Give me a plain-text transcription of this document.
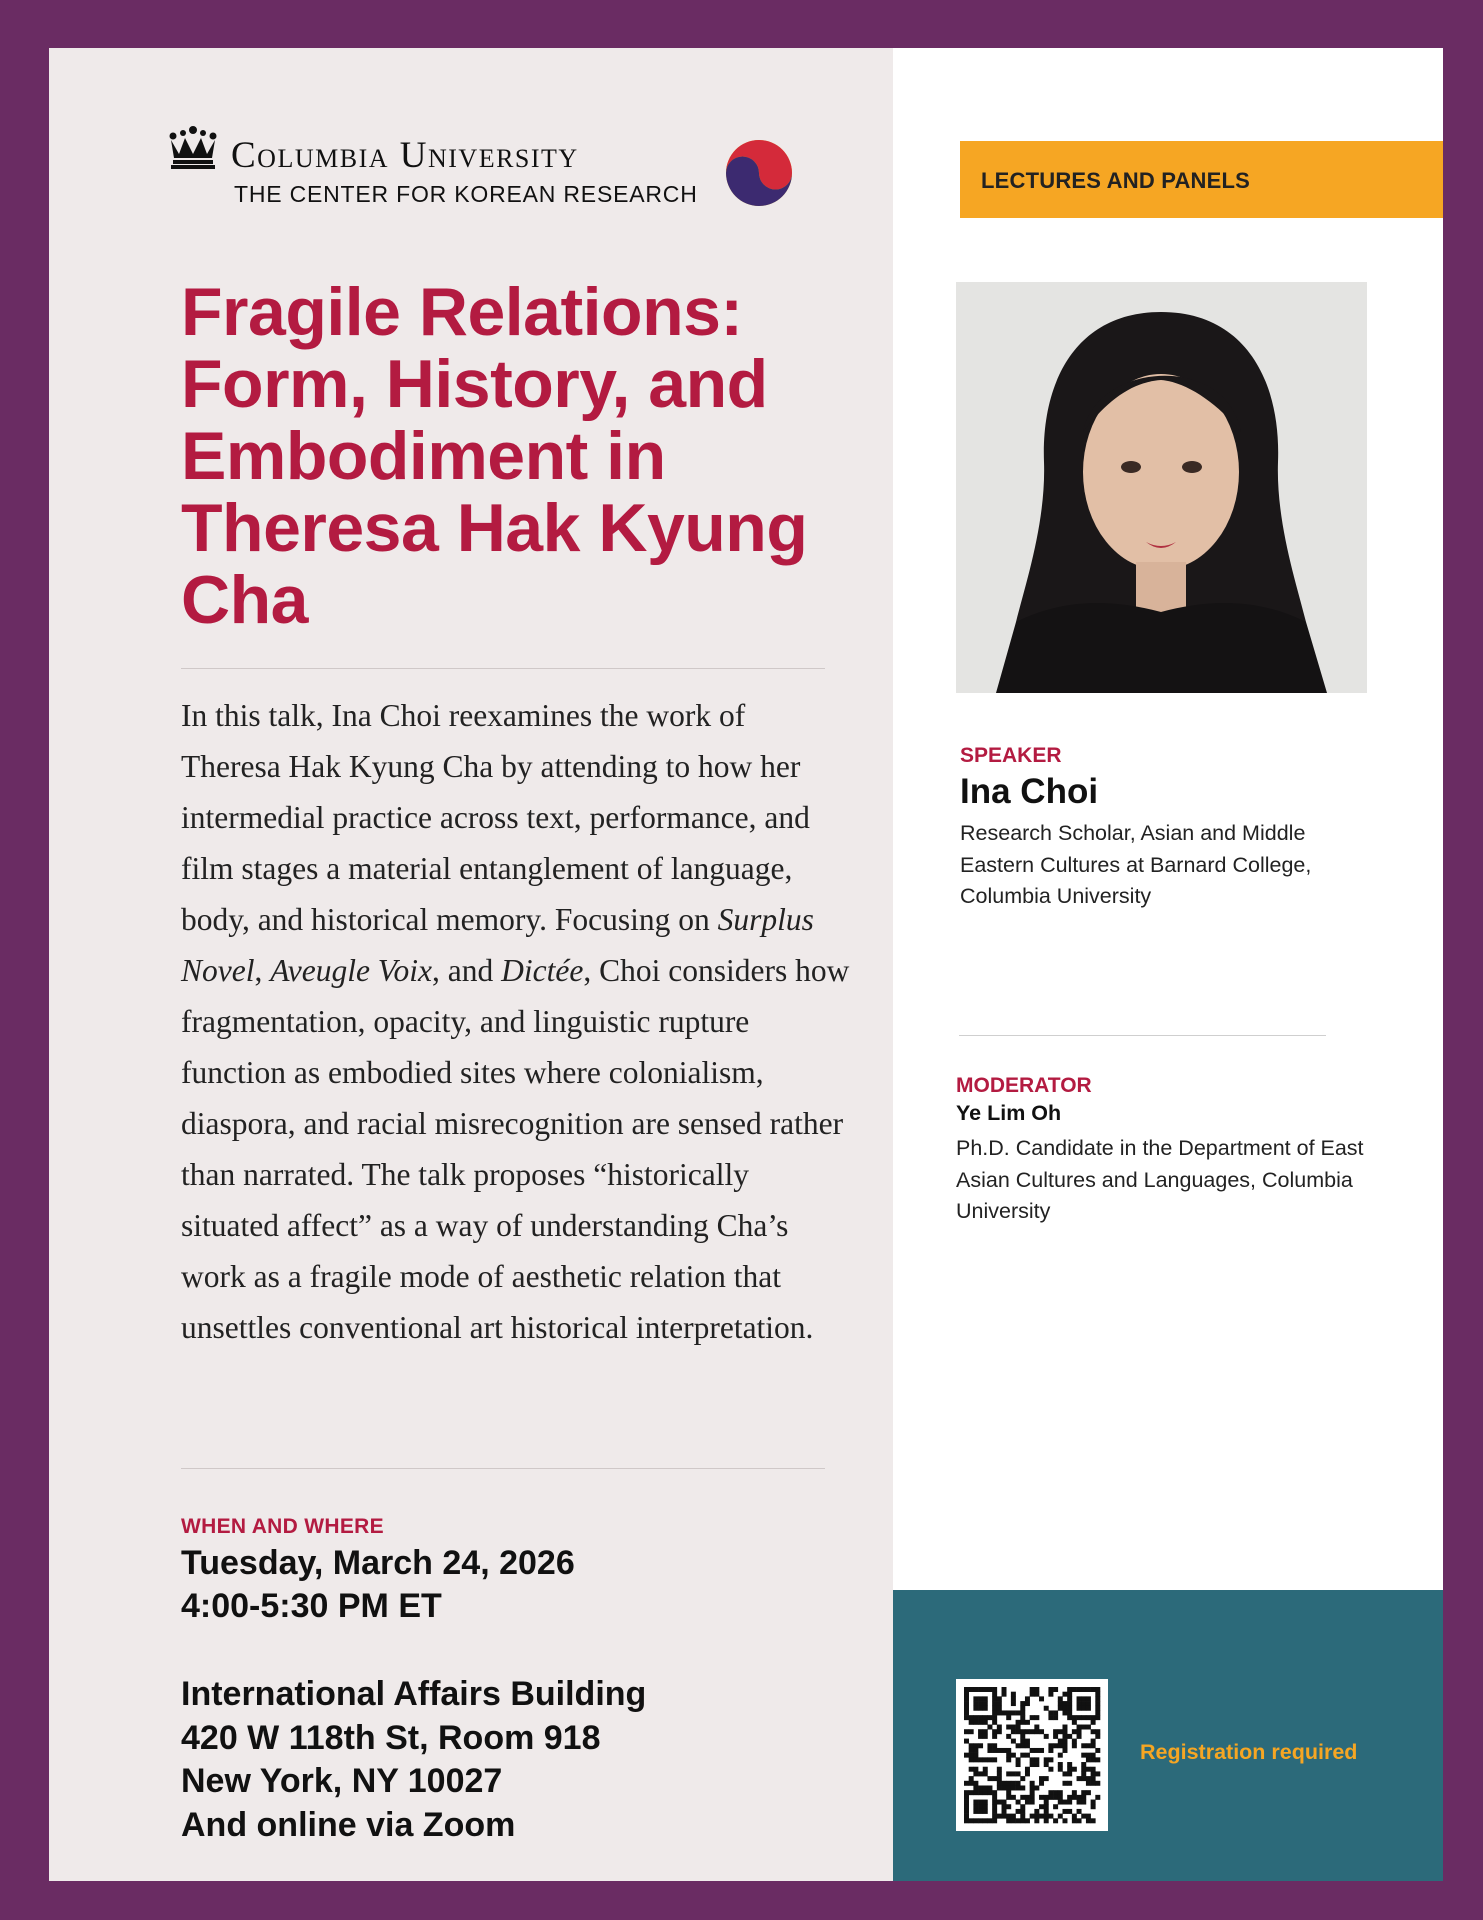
Columbia University
THE CENTER FOR KOREAN RESEARCH
Fragile Relations: Form, History, and Embodiment in Theresa Hak Kyung Cha

In this talk, Ina Choi reexamines the work of Theresa Hak Kyung Cha by attending to how her intermedial practice across text, performance, and film stages a material entanglement of language, body, and historical memory. Focusing on Surplus Novel, Aveugle Voix, and Dictée, Choi considers how fragmentation, opacity, and linguistic rupture function as embodied sites where colonialism, diaspora, and racial misrecognition are sensed rather than narrated. The talk proposes “historically situated affect” as a way of understanding Cha’s work as a fragile mode of aesthetic relation that unsettles conventional art historical interpretation.

WHEN AND WHERE
Tuesday, March 24, 2026
4:00-5:30 PM ET
International Affairs Building
420 W 118th St, Room 918
New York, NY 10027
And online via Zoom
LECTURES AND PANELS
SPEAKER
Ina Choi
Research Scholar, Asian and Middle Eastern Cultures at Barnard College, Columbia University
MODERATOR
Ye Lim Oh
Ph.D. Candidate in the Department of East Asian Cultures and Languages, Columbia University
Registration required
